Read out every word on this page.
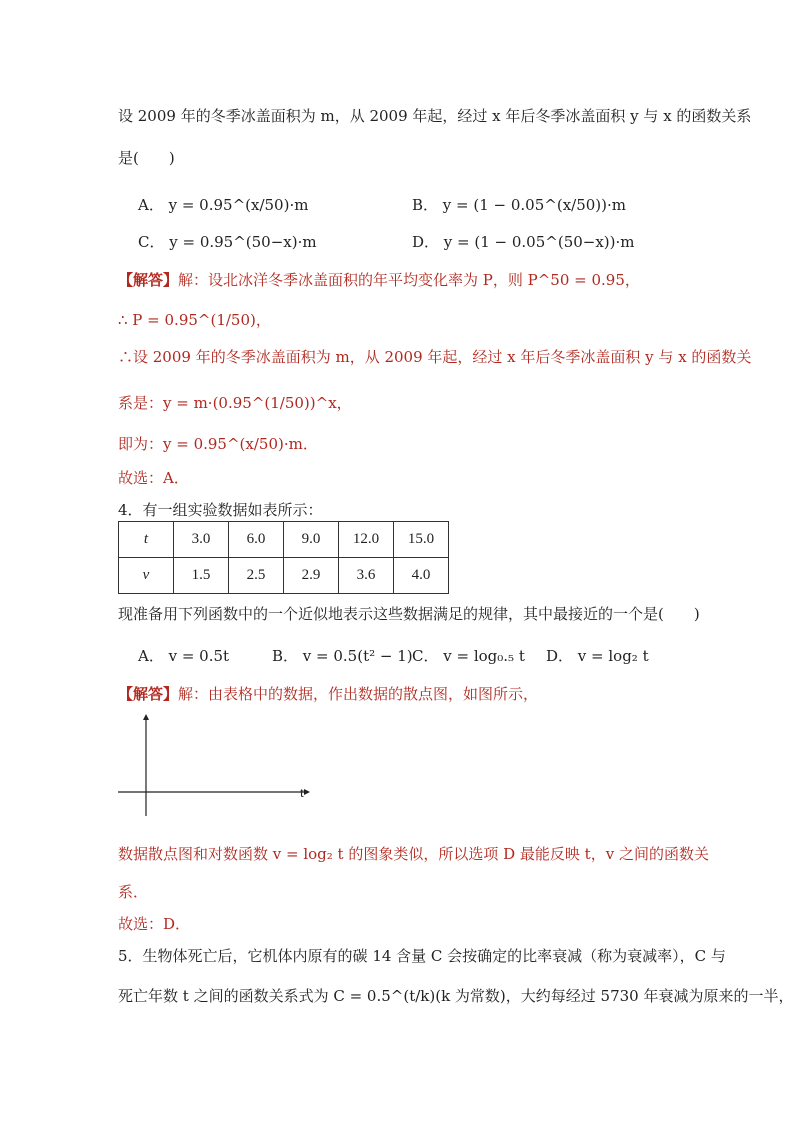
设 2009 年的冬季冰盖面积为 m，从 2009 年起，经过 x 年后冬季冰盖面积 y 与 x 的函数关系
是(　　)
A． y = 0.95^(x/50)·m	B． y = (1 − 0.05^(x/50))·m
C． y = 0.95^(50−x)·m	D． y = (1 − 0.05^(50−x))·m
【解答】解：设北冰洋冬季冰盖面积的年平均变化率为 P，则 P^50 = 0.95，
∴ P = 0.95^(1/50)，
∴设 2009 年的冬季冰盖面积为 m，从 2009 年起，经过 x 年后冬季冰盖面积 y 与 x 的函数关
系是：y = m·(0.95^(1/50))^x，
即为：y = 0.95^(x/50)·m．
故选：A．
4．有一组实验数据如表所示：
t	3.0	6.0	9.0	12.0	15.0
v	1.5	2.5	2.9	3.6	4.0
现准备用下列函数中的一个近似地表示这些数据满足的规律，其中最接近的一个是(　　)
A． v = 0.5t	B． v = 0.5(t² − 1) C． v = log₀.₅ t D． v = log₂ t
【解答】解：由表格中的数据，作出数据的散点图，如图所示，
t
数据散点图和对数函数 v = log₂ t 的图象类似，所以选项 D 最能反映 t，v 之间的函数关
系．
故选：D．
5．生物体死亡后，它机体内原有的碳 14 含量 C 会按确定的比率衰减（称为衰减率），C 与
死亡年数 t 之间的函数关系式为 C = 0.5^(t/k)(k 为常数)，大约每经过 5730 年衰减为原来的一半，
